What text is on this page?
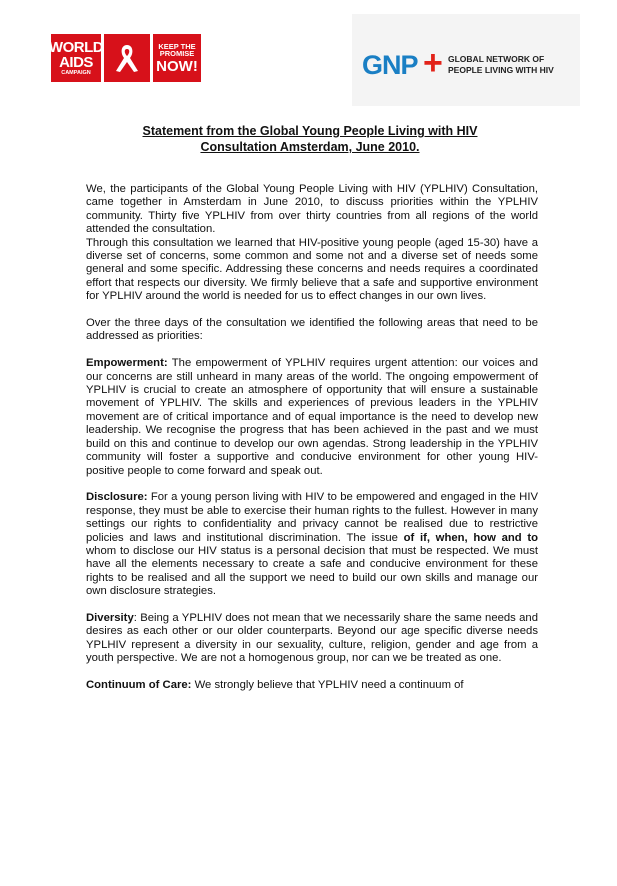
WORLD
AIDS
CAMPAIGN
KEEP THE
PROMISE
NOW!	GNP + GLOBAL NETWORK OF
PEOPLE LIVING WITH HIV
Statement from the Global Young People Living with HIV
Consultation Amsterdam, June 2010.

We, the participants of the Global Young People Living with HIV (YPLHIV) Consultation, came together in Amsterdam in June 2010, to discuss priorities within the YPLHIV community. Thirty five YPLHIV from over thirty countries from all regions of the world attended the consultation.

Through this consultation we learned that HIV-positive young people (aged 15-30) have a diverse set of concerns, some common and some not and a diverse set of needs some general and some specific. Addressing these concerns and needs requires a coordinated effort that respects our diversity. We firmly believe that a safe and supportive environment for YPLHIV around the world is needed for us to effect changes in our own lives.

Over the three days of the consultation we identified the following areas that need to be addressed as priorities:

Empowerment: The empowerment of YPLHIV requires urgent attention: our voices and our concerns are still unheard in many areas of the world. The ongoing empowerment of YPLHIV is crucial to create an atmosphere of opportunity that will ensure a sustainable movement of YPLHIV. The skills and experiences of previous leaders in the YPLHIV movement are of critical importance and of equal importance is the need to develop new leadership. We recognise the progress that has been achieved in the past and we must build on this and continue to develop our own agendas. Strong leadership in the YPLHIV community will foster a supportive and conducive environment for other young HIV-positive people to come forward and speak out.

Disclosure: For a young person living with HIV to be empowered and engaged in the HIV response, they must be able to exercise their human rights to the fullest. However in many settings our rights to confidentiality and privacy cannot be realised due to restrictive policies and laws and institutional discrimination. The issue of if, when, how and to whom to disclose our HIV status is a personal decision that must be respected. We must have all the elements necessary to create a safe and conducive environment for these rights to be realised and all the support we need to build our own skills and manage our own disclosure strategies.

Diversity: Being a YPLHIV does not mean that we necessarily share the same needs and desires as each other or our older counterparts. Beyond our age specific diverse needs YPLHIV represent a diversity in our sexuality, culture, religion, gender and age from a youth perspective. We are not a homogenous group, nor can we be treated as one.

Continuum of Care: We strongly believe that YPLHIV need a continuum of
